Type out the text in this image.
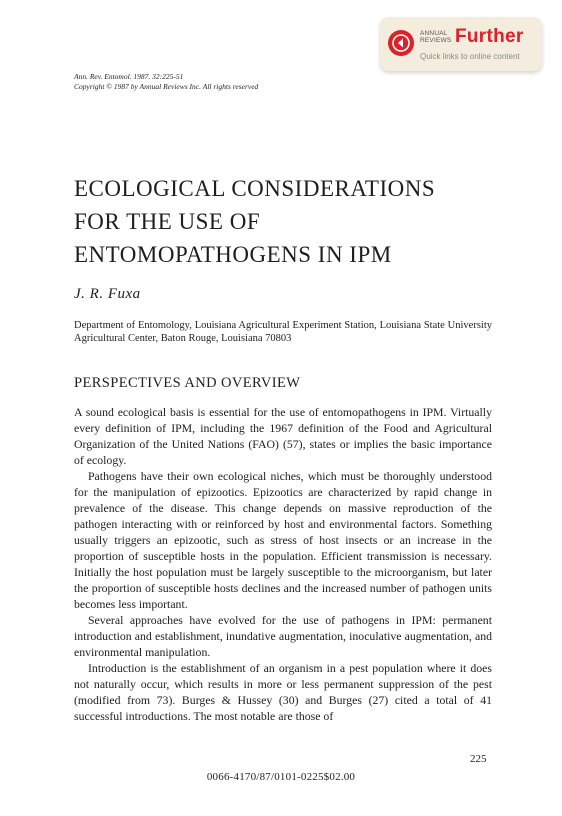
ANNUAL
REVIEWS Further
Quick links to online content
Ann. Rev. Entomol. 1987. 32:225-51
Copyright © 1987 by Annual Reviews Inc. All rights reserved
ECOLOGICAL CONSIDERATIONS
FOR THE USE OF
ENTOMOPATHOGENS IN IPM
J. R. Fuxa
Department of Entomology, Louisiana Agricultural Experiment Station, Louisiana State University Agricultural Center, Baton Rouge, Louisiana 70803
PERSPECTIVES AND OVERVIEW

A sound ecological basis is essential for the use of entomopathogens in IPM. Virtually every definition of IPM, including the 1967 definition of the Food and Agricultural Organization of the United Nations (FAO) (57), states or implies the basic importance of ecology.

Pathogens have their own ecological niches, which must be thoroughly understood for the manipulation of epizootics. Epizootics are characterized by rapid change in prevalence of the disease. This change depends on massive reproduction of the pathogen interacting with or reinforced by host and environmental factors. Something usually triggers an epizootic, such as stress of host insects or an increase in the proportion of susceptible hosts in the population. Efficient transmission is necessary. Initially the host population must be largely susceptible to the microorganism, but later the proportion of susceptible hosts declines and the increased number of pathogen units becomes less important.

Several approaches have evolved for the use of pathogens in IPM: permanent introduction and establishment, inundative augmentation, inoculative augmentation, and environmental manipulation.

Introduction is the establishment of an organism in a pest population where it does not naturally occur, which results in more or less permanent suppression of the pest (modified from 73). Burges & Hussey (30) and Burges (27) cited a total of 41 successful introductions. The most notable are those of

225
0066-4170/87/0101-0225$02.00
